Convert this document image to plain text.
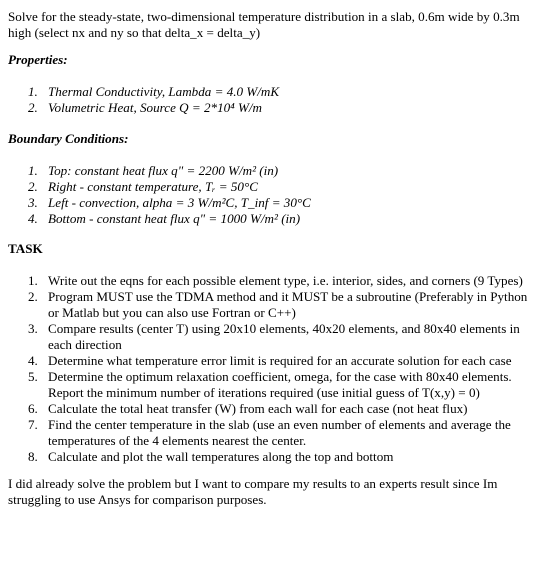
Solve for the steady-state, two-dimensional temperature distribution in a slab, 0.6m wide by 0.3m high (select nx and ny so that delta_x = delta_y)

Properties:

1. Thermal Conductivity, Lambda = 4.0 W/mK
2. Volumetric Heat, Source Q = 2*10⁴ W/m

Boundary Conditions:

1. Top: constant heat flux q" = 2200 W/m² (in)
2. Right - constant temperature, Tᵣ = 50°C
3. Left - convection, alpha = 3 W/m²C, T_inf = 30°C
4. Bottom - constant heat flux q" = 1000 W/m² (in)

TASK

1. Write out the eqns for each possible element type, i.e. interior, sides, and corners (9 Types)
2. Program MUST use the TDMA method and it MUST be a subroutine (Preferably in Python or Matlab but you can also use Fortran or C++)
3. Compare results (center T) using 20x10 elements, 40x20 elements, and 80x40 elements in each direction
4. Determine what temperature error limit is required for an accurate solution for each case
5. Determine the optimum relaxation coefficient, omega, for the case with 80x40 elements. Report the minimum number of iterations required (use initial guess of T(x,y) = 0)
6. Calculate the total heat transfer (W) from each wall for each case (not heat flux)
7. Find the center temperature in the slab (use an even number of elements and average the temperatures of the 4 elements nearest the center.
8. Calculate and plot the wall temperatures along the top and bottom

I did already solve the problem but I want to compare my results to an experts result since Im struggling to use Ansys for comparison purposes.
